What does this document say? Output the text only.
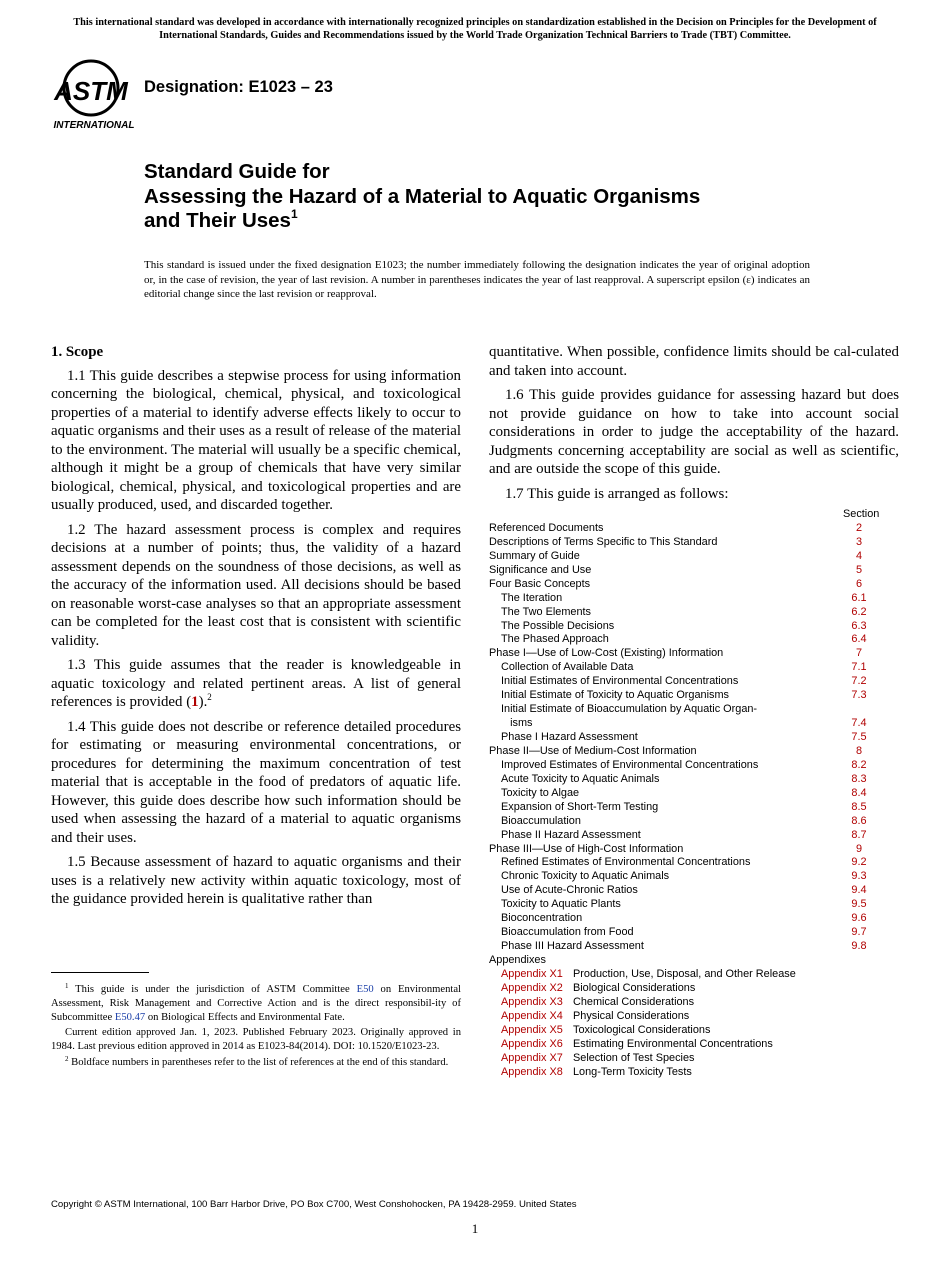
This international standard was developed in accordance with internationally recognized principles on standardization established in the Decision on Principles for the Development of International Standards, Guides and Recommendations issued by the World Trade Organization Technical Barriers to Trade (TBT) Committee.
ASTM
INTERNATIONAL
Designation: E1023 – 23
Standard Guide for
Assessing the Hazard of a Material to Aquatic Organisms
and Their Uses$^1$
This standard is issued under the fixed designation E1023; the number immediately following the designation indicates the year of original adoption or, in the case of revision, the year of last revision. A number in parentheses indicates the year of last reapproval. A superscript epsilon (ε) indicates an editorial change since the last revision or reapproval.
1. Scope

1.1 This guide describes a stepwise process for using information concerning the biological, chemical, physical, and toxicological properties of a material to identify adverse effects likely to occur to aquatic organisms and their uses as a result of release of the material to the environment. The material will usually be a specific chemical, although it might be a group of chemicals that have very similar biological, chemical, physical, and toxicological properties and are usually produced, used, and discarded together.

1.2 The hazard assessment process is complex and requires decisions at a number of points; thus, the validity of a hazard assessment depends on the soundness of those decisions, as well as the accuracy of the information used. All decisions should be based on reasonable worst-case analyses so that an appropriate assessment can be completed for the least cost that is consistent with scientific validity.

1.3 This guide assumes that the reader is knowledgeable in aquatic toxicology and related pertinent areas. A list of general references is provided (1).$^2$

1.4 This guide does not describe or reference detailed procedures for estimating or measuring environmental concentrations, or procedures for determining the maximum concentration of test material that is acceptable in the food of predators of aquatic life. However, this guide does describe how such information should be used when assessing the hazard of a material to aquatic organisms and their uses.

1.5 Because assessment of hazard to aquatic organisms and their uses is a relatively new activity within aquatic toxicology, most of the guidance provided herein is qualitative rather than

quantitative. When possible, confidence limits should be cal-culated and taken into account.

1.6 This guide provides guidance for assessing hazard but does not provide guidance on how to take into account social considerations in order to judge the acceptability of the hazard. Judgments concerning acceptability are social as well as scientific, and are outside the scope of this guide.

1.7 This guide is arranged as follows:

Section
Referenced Documents	2
Descriptions of Terms Specific to This Standard	3
Summary of Guide	4
Significance and Use	5
Four Basic Concepts	6
The Iteration	6.1
The Two Elements	6.2
The Possible Decisions	6.3
The Phased Approach	6.4
Phase I—Use of Low-Cost (Existing) Information	7
Collection of Available Data	7.1
Initial Estimates of Environmental Concentrations	7.2
Initial Estimate of Toxicity to Aquatic Organisms	7.3
Initial Estimate of Bioaccumulation by Aquatic Organ-
isms	7.4
Phase I Hazard Assessment	7.5
Phase II—Use of Medium-Cost Information	8
Improved Estimates of Environmental Concentrations	8.2
Acute Toxicity to Aquatic Animals	8.3
Toxicity to Algae	8.4
Expansion of Short-Term Testing	8.5
Bioaccumulation	8.6
Phase II Hazard Assessment	8.7
Phase III—Use of High-Cost Information	9
Refined Estimates of Environmental Concentrations	9.2
Chronic Toxicity to Aquatic Animals	9.3
Use of Acute-Chronic Ratios	9.4
Toxicity to Aquatic Plants	9.5
Bioconcentration	9.6
Bioaccumulation from Food	9.7
Phase III Hazard Assessment	9.8
Appendixes
Appendix X1 Production, Use, Disposal, and Other Release
Appendix X2 Biological Considerations
Appendix X3 Chemical Considerations
Appendix X4 Physical Considerations
Appendix X5 Toxicological Considerations
Appendix X6 Estimating Environmental Concentrations
Appendix X7 Selection of Test Species
Appendix X8 Long-Term Toxicity Tests

$^1$ This guide is under the jurisdiction of ASTM Committee E50 on Environmental Assessment, Risk Management and Corrective Action and is the direct responsibil-ity of Subcommittee E50.47 on Biological Effects and Environmental Fate.

Current edition approved Jan. 1, 2023. Published February 2023. Originally approved in 1984. Last previous edition approved in 2014 as E1023-84(2014). DOI: 10.1520/E1023-23.

$^2$ Boldface numbers in parentheses refer to the list of references at the end of this standard.

Copyright © ASTM International, 100 Barr Harbor Drive, PO Box C700, West Conshohocken, PA 19428-2959. United States
1
